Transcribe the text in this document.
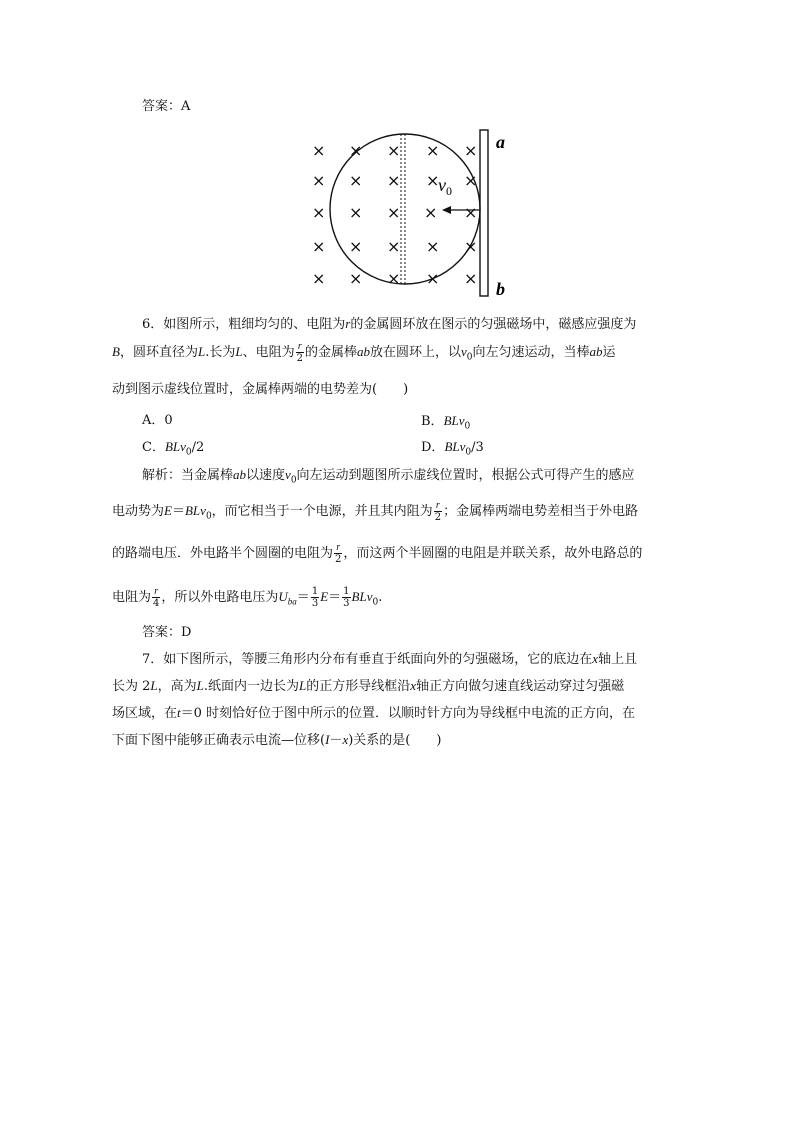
答案：A
a
b
$v_0$
× × × × ×
× × × × ×
× × × × ×
× × × × ×
× × × × ×
6．如图所示，粗细均匀的、电阻为r的金属圆环放在图示的匀强磁场中，磁感应强度为
B，圆环直径为L.长为L、电阻为 $\frac{r}{2}$ 的金属棒ab放在圆环上，以$v_0$向左匀速运动，当棒ab运
动到图示虚线位置时，金属棒两端的电势差为(　　)
A．0	B．BLv$_0$
C．BLv$_0$/2	D．BLv$_0$/3
解析：当金属棒ab以速度$v_0$向左运动到题图所示虚线位置时，根据公式可得产生的感应
电动势为E＝BLv$_0$，而它相当于一个电源，并且其内阻为 $\frac{r}{2}$ ；金属棒两端电势差相当于外电路
的路端电压．外电路半个圆圈的电阻为 $\frac{r}{2}$ ，而这两个半圆圈的电阻是并联关系，故外电路总的
电阻为 $\frac{r}{4}$ ，所以外电路电压为$U_{ba}= \frac{1}{3} E= \frac{1}{3} BLv_0$.
答案：D
7．如下图所示，等腰三角形内分布有垂直于纸面向外的匀强磁场，它的底边在x轴上且
长为 2L，高为L.纸面内一边长为L的正方形导线框沿x轴正方向做匀速直线运动穿过匀强磁
场区域，在t＝0 时刻恰好位于图中所示的位置．以顺时针方向为导线框中电流的正方向，在
下面下图中能够正确表示电流—位移(I－x)关系的是(　　)
